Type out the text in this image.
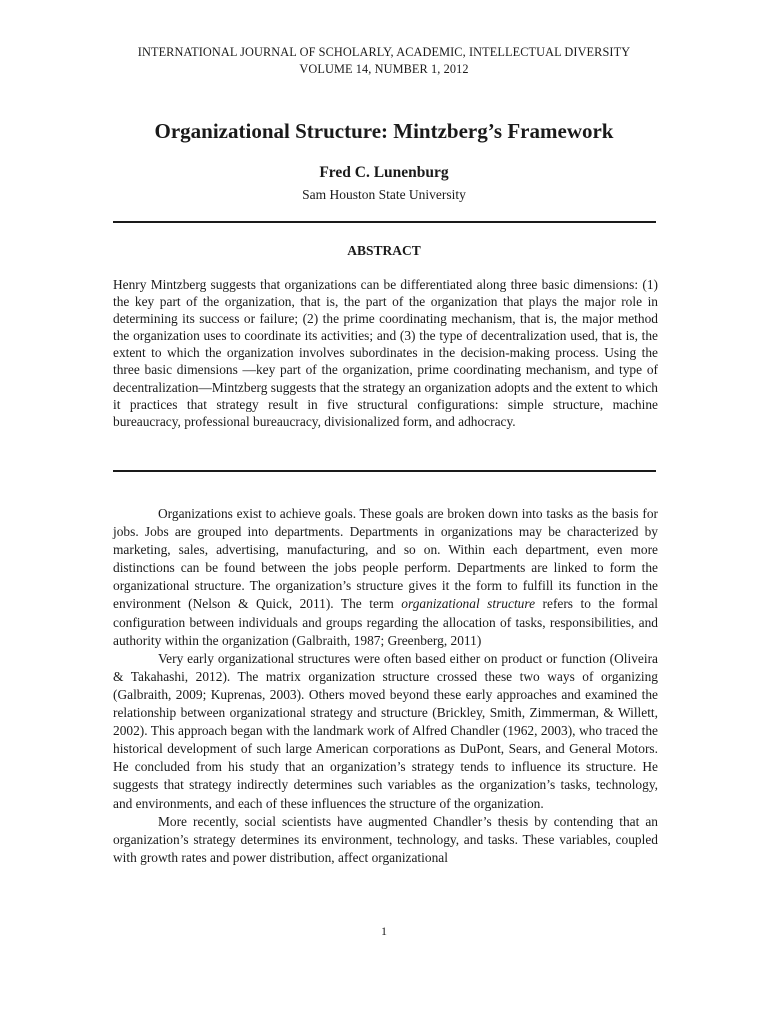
INTERNATIONAL JOURNAL OF SCHOLARLY, ACADEMIC, INTELLECTUAL DIVERSITY
VOLUME 14, NUMBER 1, 2012
Organizational Structure: Mintzberg’s Framework
Fred C. Lunenburg
Sam Houston State University
ABSTRACT

Henry Mintzberg suggests that organizations can be differentiated along three basic dimensions: (1) the key part of the organization, that is, the part of the organization that plays the major role in determining its success or failure; (2) the prime coordinating mechanism, that is, the major method the organization uses to coordinate its activities; and (3) the type of decentralization used, that is, the extent to which the organization involves subordinates in the decision-making process. Using the three basic dimensions —key part of the organization, prime coordinating mechanism, and type of decentralization—Mintzberg suggests that the strategy an organization adopts and the extent to which it practices that strategy result in five structural configurations: simple structure, machine bureaucracy, professional bureaucracy, divisionalized form, and adhocracy.

Organizations exist to achieve goals. These goals are broken down into tasks as the basis for jobs. Jobs are grouped into departments. Departments in organizations may be characterized by marketing, sales, advertising, manufacturing, and so on. Within each department, even more distinctions can be found between the jobs people perform. Departments are linked to form the organizational structure. The organization’s structure gives it the form to fulfill its function in the environment (Nelson & Quick, 2011). The term organizational structure refers to the formal configuration between individuals and groups regarding the allocation of tasks, responsibilities, and authority within the organization (Galbraith, 1987; Greenberg, 2011)

Very early organizational structures were often based either on product or function (Oliveira & Takahashi, 2012). The matrix organization structure crossed these two ways of organizing (Galbraith, 2009; Kuprenas, 2003). Others moved beyond these early approaches and examined the relationship between organizational strategy and structure (Brickley, Smith, Zimmerman, & Willett, 2002). This approach began with the landmark work of Alfred Chandler (1962, 2003), who traced the historical development of such large American corporations as DuPont, Sears, and General Motors. He concluded from his study that an organization’s strategy tends to influence its structure. He suggests that strategy indirectly determines such variables as the organization’s tasks, technology, and environments, and each of these influences the structure of the organization.

More recently, social scientists have augmented Chandler’s thesis by contending that an organization’s strategy determines its environment, technology, and tasks. These variables, coupled with growth rates and power distribution, affect organizational

1
